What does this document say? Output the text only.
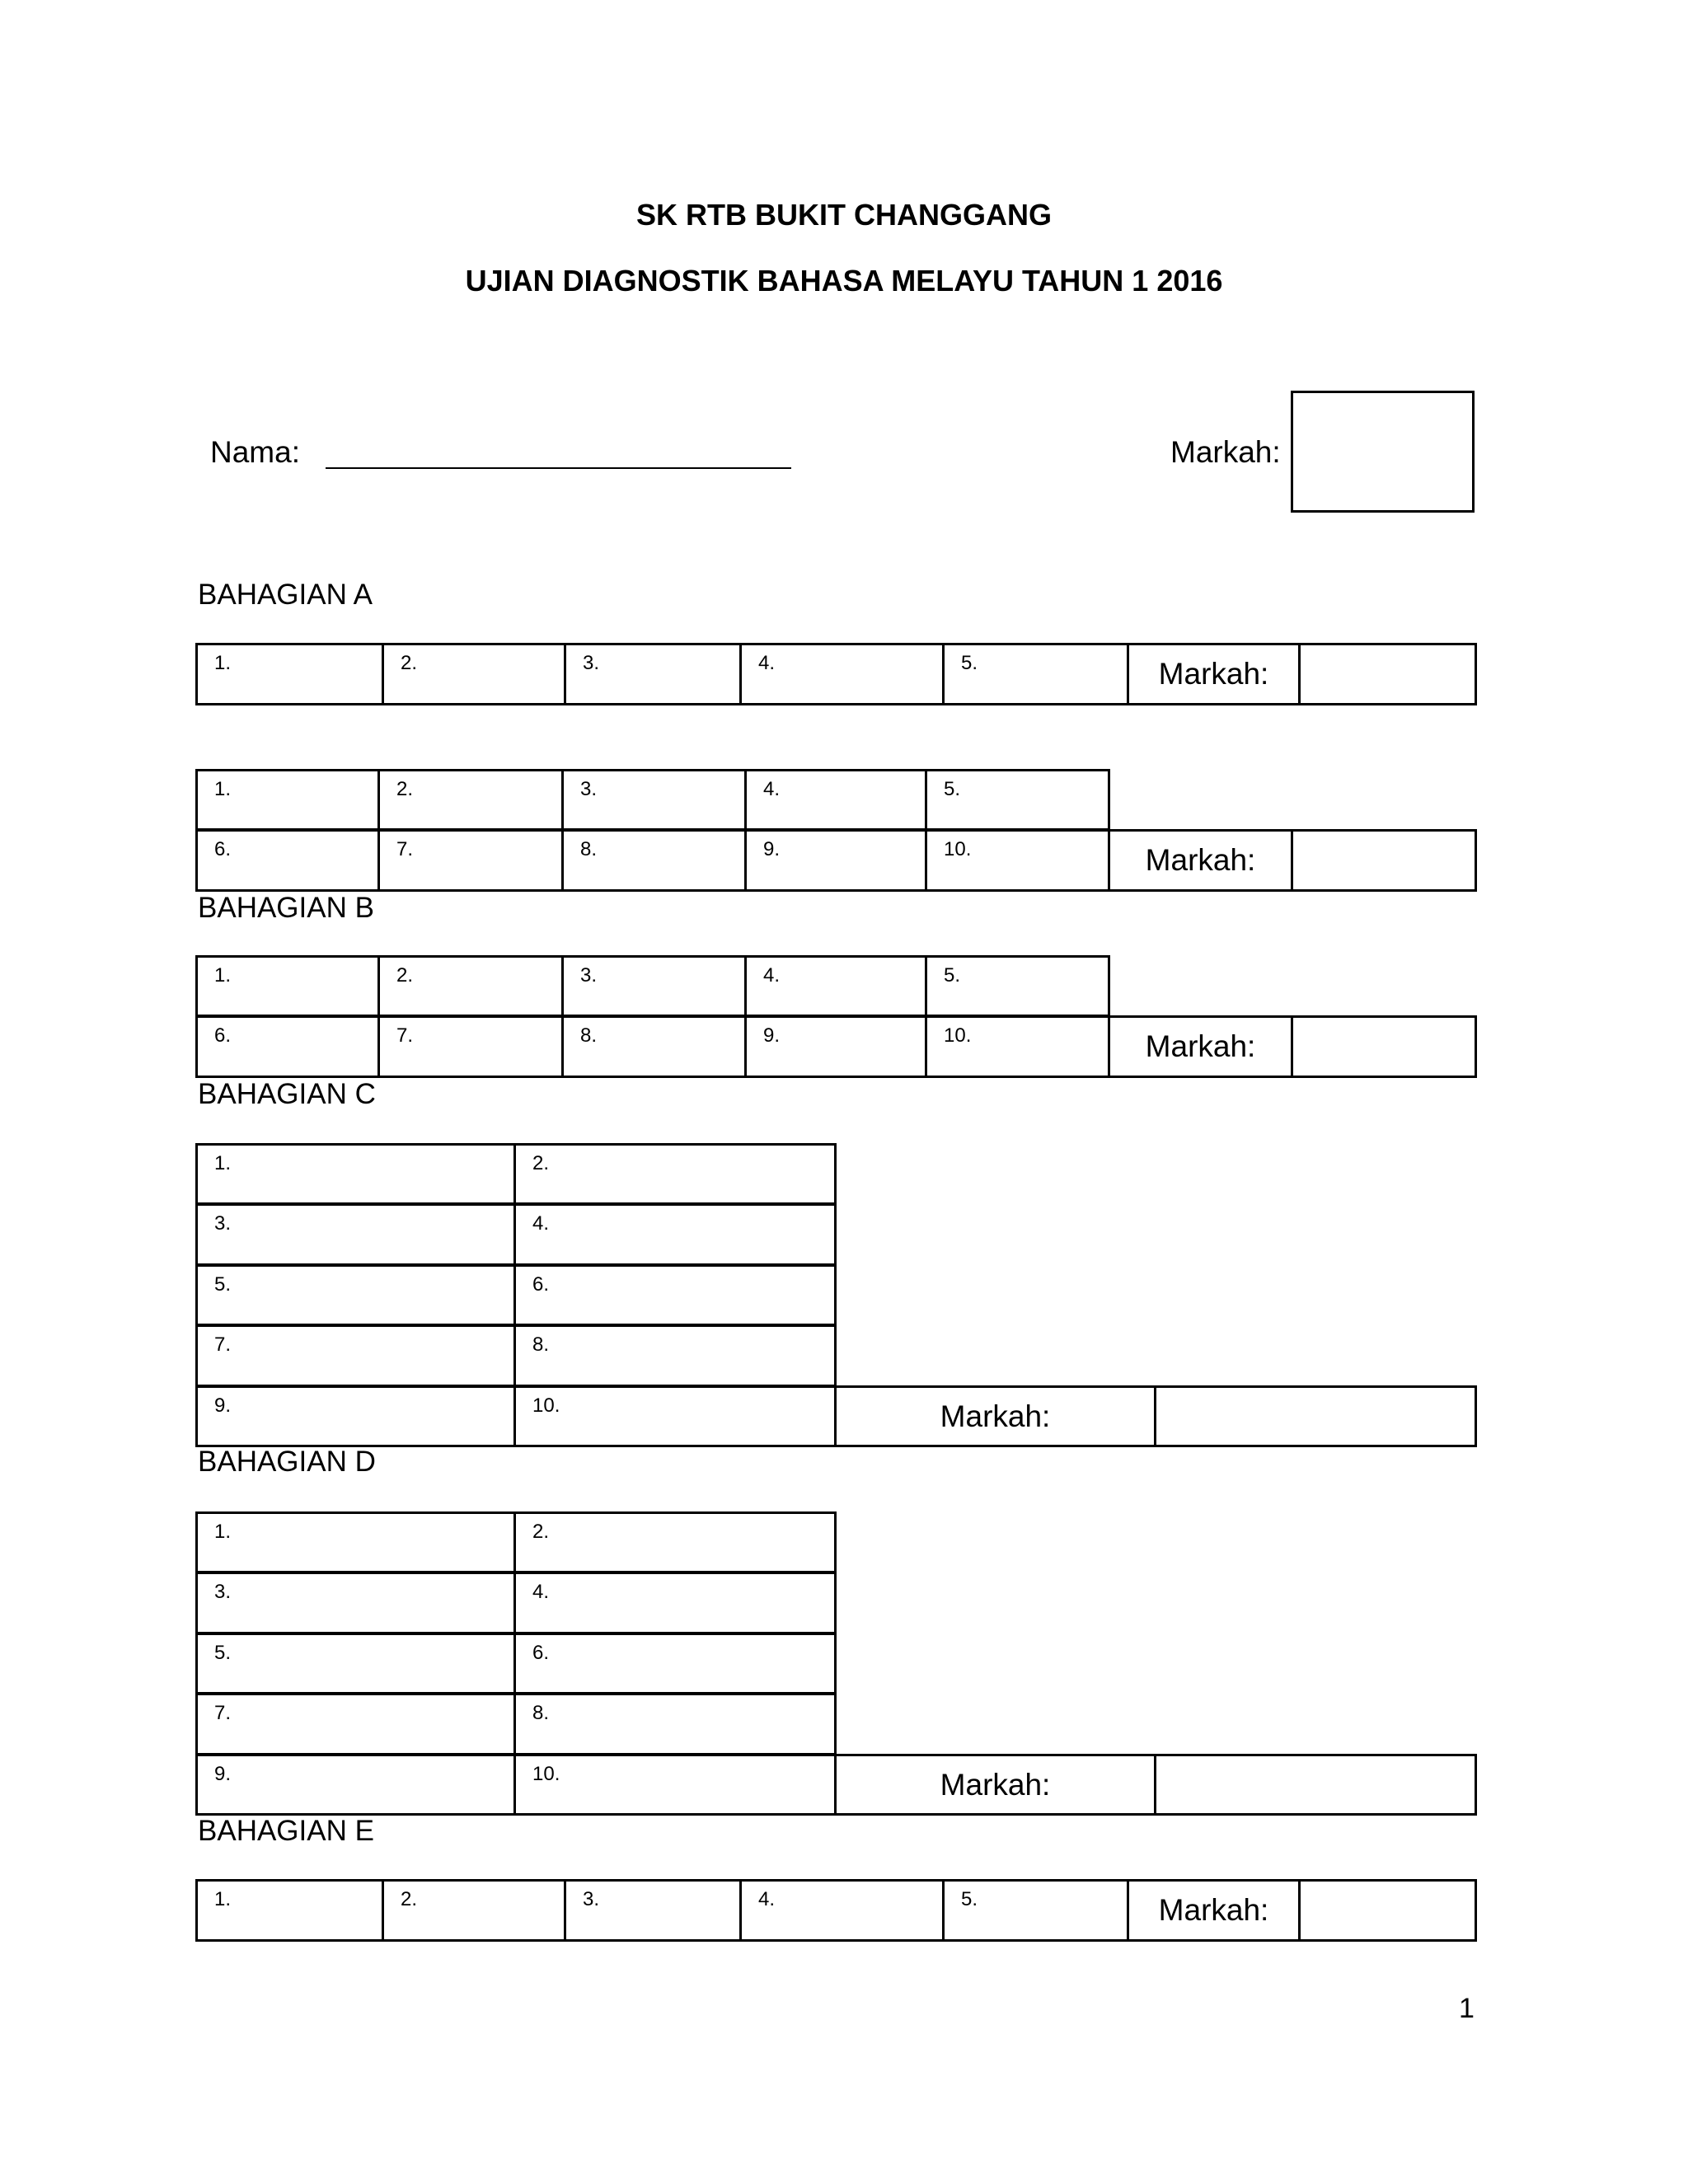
SK RTB BUKIT CHANGGANG
UJIAN DIAGNOSTIK BAHASA MELAYU TAHUN 1 2016
Nama:	Markah:
BAHAGIAN A
BAHAGIAN B
BAHAGIAN C
BAHAGIAN D
BAHAGIAN E
1
1.	2.	3.	4.	5.	Markah:
1.	2.	3.	4.	5.
6.	7.	8.	9.	10.	Markah:
1.	2.	3.	4.	5.
6.	7.	8.	9.	10.	Markah:
1.	2.
3.	4.
5.	6.
7.	8.
9.	10.	Markah:
1.	2.
3.	4.
5.	6.
7.	8.
9.	10.	Markah:
1.	2.	3.	4.	5.	Markah:
